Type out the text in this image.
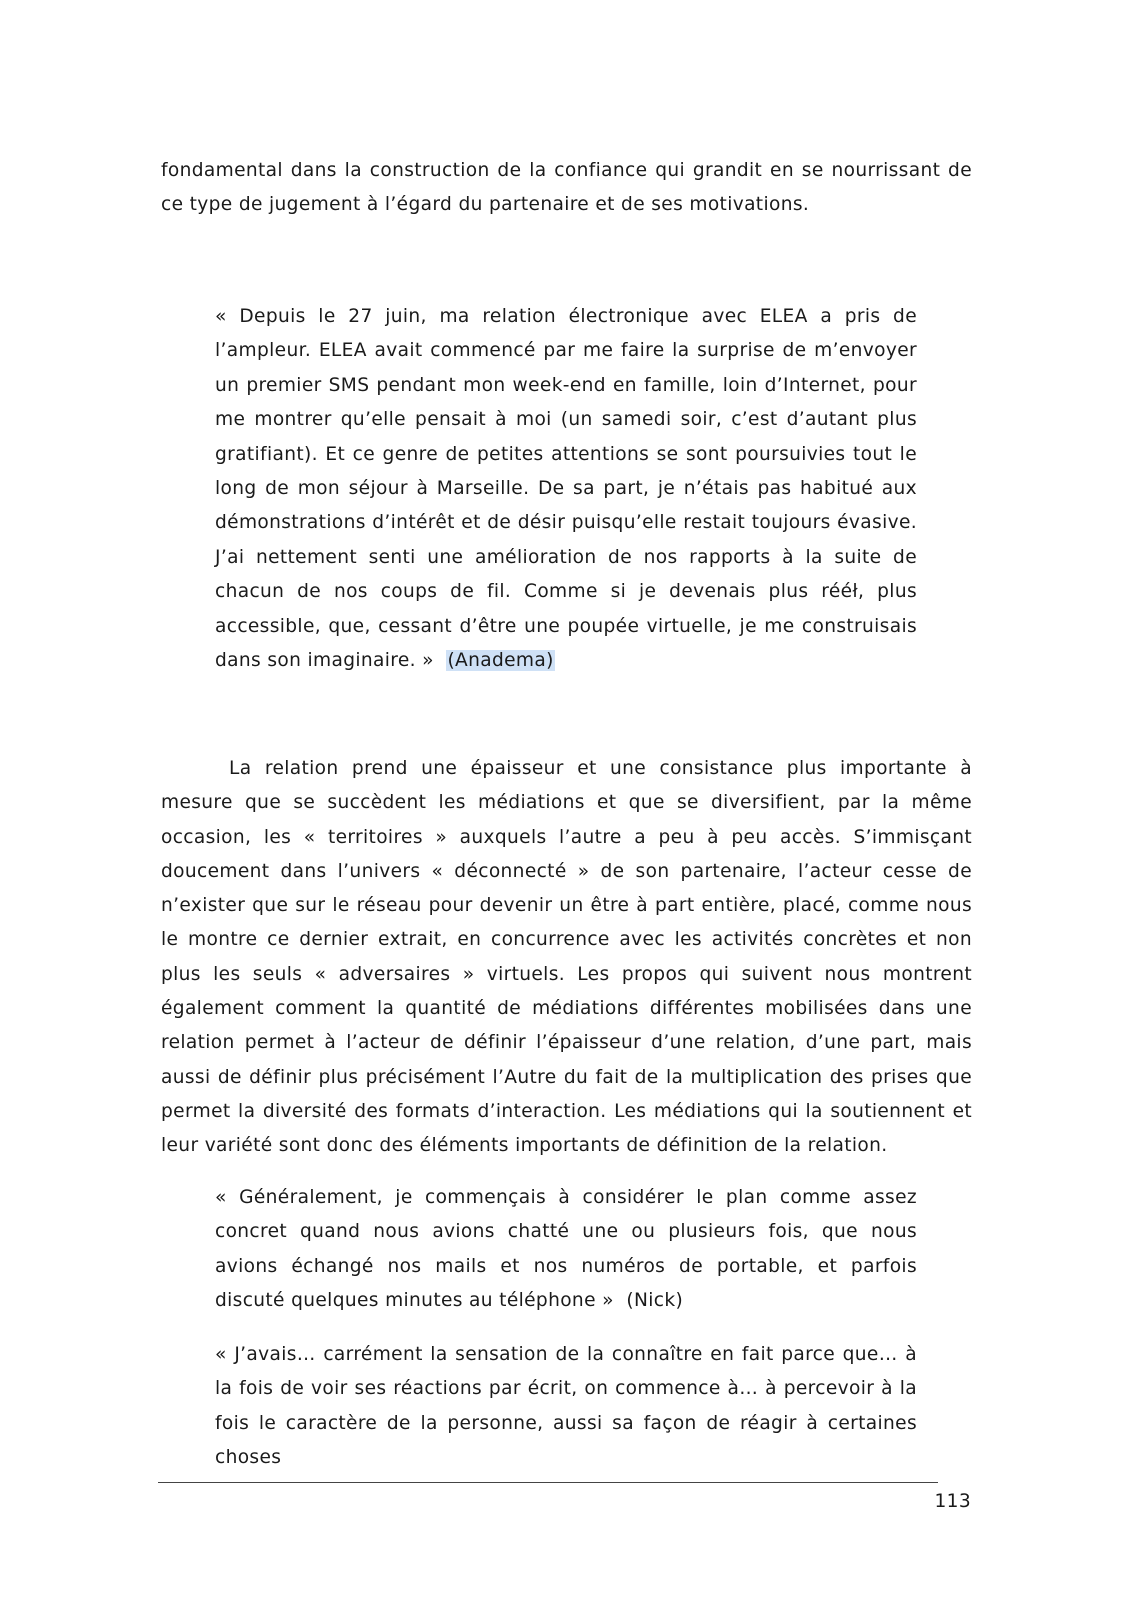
fondamental dans la construction de la confiance qui grandit en se nourrissant de ce type de jugement à l’égard du partenaire et de ses motivations.

« Depuis le 27 juin, ma relation électronique avec ELEA a pris de l’ampleur. ELEA avait commencé par me faire la surprise de m’envoyer un premier SMS pendant mon week-end en famille, loin d’Internet, pour me montrer qu’elle pensait à moi (un samedi soir, c’est d’autant plus gratifiant). Et ce genre de petites attentions se sont poursuivies tout le long de mon séjour à Marseille. De sa part, je n’étais pas habitué aux démonstrations d’intérêt et de désir puisqu’elle restait toujours évasive. J’ai nettement senti une amélioration de nos rapports à la suite de chacun de nos coups de fil. Comme si je devenais plus rééł, plus accessible, que, cessant d’être une poupée virtuelle, je me construisais dans son imaginaire. » (Anadema)

La relation prend une épaisseur et une consistance plus importante à mesure que se succèdent les médiations et que se diversifient, par la même occasion, les « territoires » auxquels l’autre a peu à peu accès. S’immisçant doucement dans l’univers « déconnecté » de son partenaire, l’acteur cesse de n’exister que sur le réseau pour devenir un être à part entière, placé, comme nous le montre ce dernier extrait, en concurrence avec les activités concrètes et non plus les seuls « adversaires » virtuels. Les propos qui suivent nous montrent également comment la quantité de médiations différentes mobilisées dans une relation permet à l’acteur de définir l’épaisseur d’une relation, d’une part, mais aussi de définir plus précisément l’Autre du fait de la multiplication des prises que permet la diversité des formats d’interaction. Les médiations qui la soutiennent et leur variété sont donc des éléments importants de définition de la relation.

« Généralement, je commençais à considérer le plan comme assez concret quand nous avions chatté une ou plusieurs fois, que nous avions échangé nos mails et nos numéros de portable, et parfois discuté quelques minutes au téléphone » (Nick)

« J’avais… carrément la sensation de la connaître en fait parce que… à la fois de voir ses réactions par écrit, on commence à… à percevoir à la fois le caractère de la personne, aussi sa façon de réagir à certaines choses

113
